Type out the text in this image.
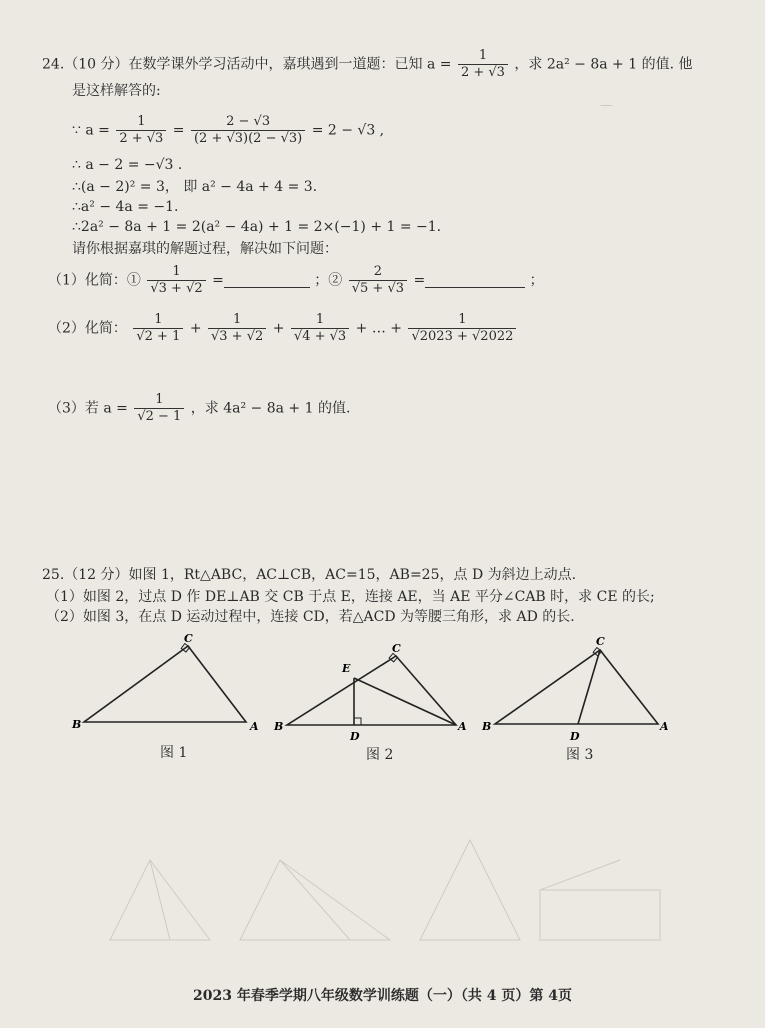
—
24.（10 分）在数学课外学习活动中，嘉琪遇到一道题：已知 $a = \frac{1}{2 + √3}$ ，求 2a² − 8a + 1 的值. 他
是这样解答的:
∵ $a = \frac{1}{2 + √3} = \frac{2 - √3}{(2 + √3)(2 - √3)} = 2 - √3$ ,
∴ a − 2 = −√3 .
∴(a − 2)² = 3， 即 a² − 4a + 4 = 3.
∴a² − 4a = −1.
∴2a² − 8a + 1 = 2(a² − 4a) + 1 = 2×(−1) + 1 = −1.
请你根据嘉琪的解题过程，解决如下问题：
（1）化简：① $\frac{1}{√3 + √2}$ =	；② $\frac{2}{√5 + √3}$ =	；
（2）化简： $\frac{1}{√2 + 1} + \frac{1}{√3 + √2} + \frac{1}{√4 + √3}$ + … + $\frac{1}{√2023 + √2022}$
（3）若 $a = \frac{1}{√2 - 1}$ ，求 4a² − 8a + 1 的值.
25.（12 分）如图 1，Rt△ABC，AC⊥CB，AC=15，AB=25，点 D 为斜边上动点.
（1）如图 2，过点 D 作 DE⊥AB 交 CB 于点 E，连接 AE，当 AE 平分∠CAB 时，求 CE 的长;
（2）如图 3，在点 D 运动过程中，连接 CD，若△ACD 为等腰三角形，求 AD 的长.
B	A
C
B	A
C
E
D
B	A
C
D
图 1	图 2	图 3
2023 年春季学期八年级数学训练题（一）（共 4 页）第 4页
